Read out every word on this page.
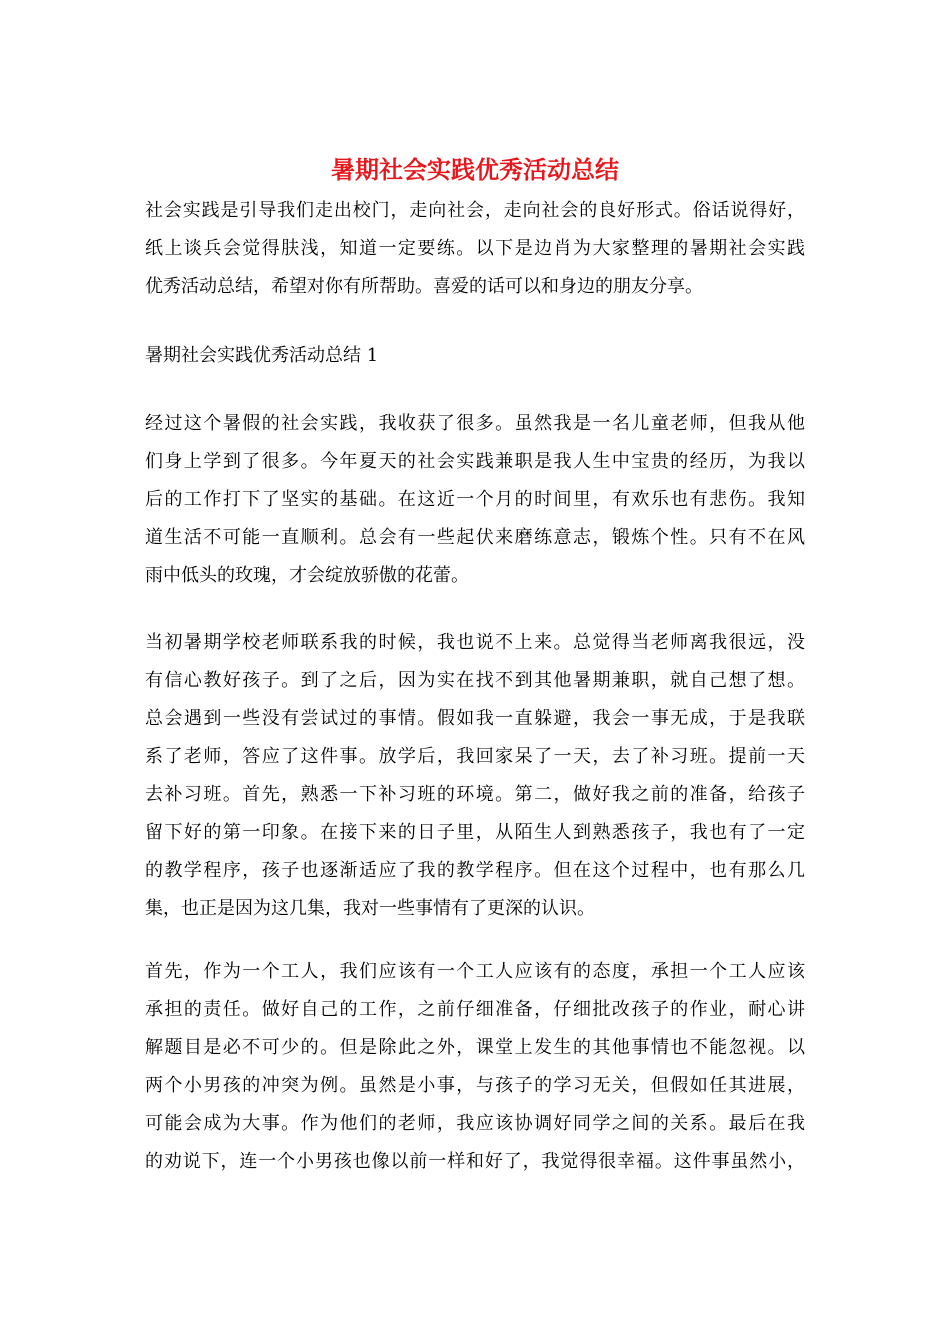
暑期社会实践优秀活动总结
社会实践是引导我们走出校门，走向社会，走向社会的良好形式。俗话说得好，
纸上谈兵会觉得肤浅，知道一定要练。以下是边肖为大家整理的暑期社会实践
优秀活动总结，希望对你有所帮助。喜爱的话可以和身边的朋友分享。
暑期社会实践优秀活动总结 1
经过这个暑假的社会实践，我收获了很多。虽然我是一名儿童老师，但我从他
们身上学到了很多。今年夏天的社会实践兼职是我人生中宝贵的经历，为我以
后的工作打下了坚实的基础。在这近一个月的时间里，有欢乐也有悲伤。我知
道生活不可能一直顺利。总会有一些起伏来磨练意志，锻炼个性。只有不在风
雨中低头的玫瑰，才会绽放骄傲的花蕾。
当初暑期学校老师联系我的时候，我也说不上来。总觉得当老师离我很远，没
有信心教好孩子。到了之后，因为实在找不到其他暑期兼职，就自己想了想。
总会遇到一些没有尝试过的事情。假如我一直躲避，我会一事无成，于是我联
系了老师，答应了这件事。放学后，我回家呆了一天，去了补习班。提前一天
去补习班。首先，熟悉一下补习班的环境。第二，做好我之前的准备，给孩子
留下好的第一印象。在接下来的日子里，从陌生人到熟悉孩子，我也有了一定
的教学程序，孩子也逐渐适应了我的教学程序。但在这个过程中，也有那么几
集，也正是因为这几集，我对一些事情有了更深的认识。
首先，作为一个工人，我们应该有一个工人应该有的态度，承担一个工人应该
承担的责任。做好自己的工作，之前仔细准备，仔细批改孩子的作业，耐心讲
解题目是必不可少的。但是除此之外，课堂上发生的其他事情也不能忽视。以
两个小男孩的冲突为例。虽然是小事，与孩子的学习无关，但假如任其进展，
可能会成为大事。作为他们的老师，我应该协调好同学之间的关系。最后在我
的劝说下，连一个小男孩也像以前一样和好了，我觉得很幸福。这件事虽然小，
